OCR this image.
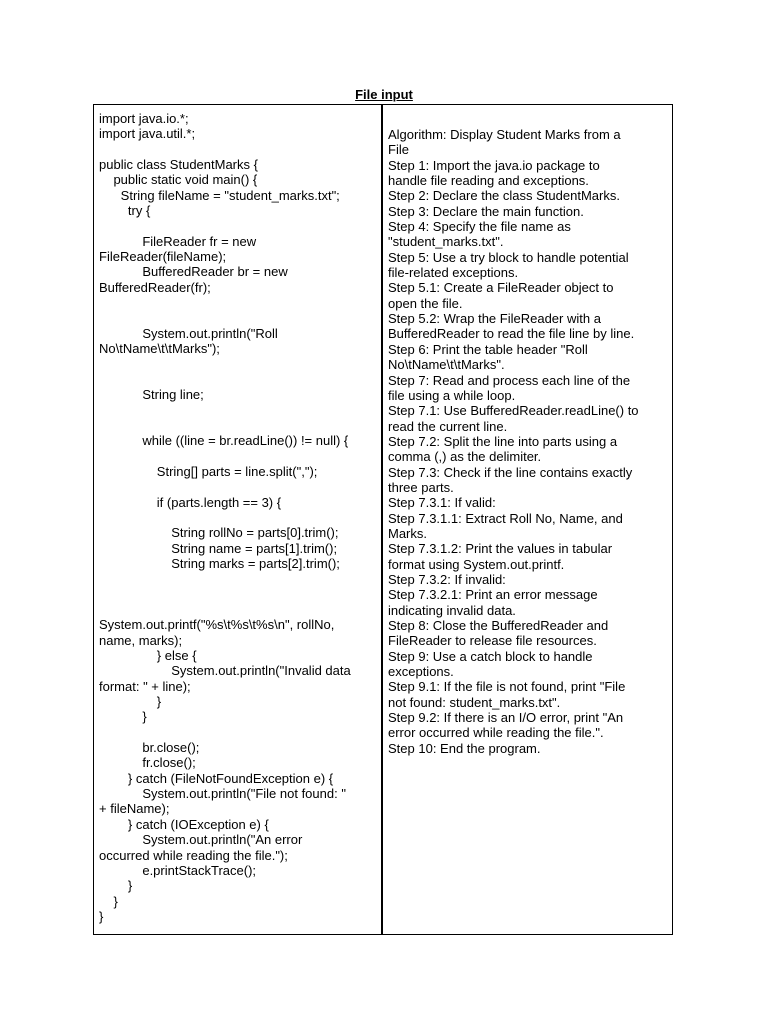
File input
import java.io.*;
import java.util.*;

public class StudentMarks {
public static void main() {
String fileName = "student_marks.txt";
try {

FileReader fr = new
FileReader(fileName);
BufferedReader br = new
BufferedReader(fr);

System.out.println("Roll
No\tName\t\tMarks");

String line;

while ((line = br.readLine()) != null) {

String[] parts = line.split(",");

if (parts.length == 3) {

String rollNo = parts[0].trim();
String name = parts[1].trim();
String marks = parts[2].trim();

System.out.printf("%s\t%s\t%s\n", rollNo,
name, marks);
} else {
System.out.println("Invalid data
format: " + line);
}
}

br.close();
fr.close();
} catch (FileNotFoundException e) {
System.out.println("File not found: "
+ fileName);
} catch (IOException e) {
System.out.println("An error
occurred while reading the file.");
e.printStackTrace();
}
}
}
Algorithm: Display Student Marks from a
File
Step 1: Import the java.io package to
handle file reading and exceptions.
Step 2: Declare the class StudentMarks.
Step 3: Declare the main function.
Step 4: Specify the file name as
"student_marks.txt".
Step 5: Use a try block to handle potential
file-related exceptions.
Step 5.1: Create a FileReader object to
open the file.
Step 5.2: Wrap the FileReader with a
BufferedReader to read the file line by line.
Step 6: Print the table header "Roll
No\tName\t\tMarks".
Step 7: Read and process each line of the
file using a while loop.
Step 7.1: Use BufferedReader.readLine() to
read the current line.
Step 7.2: Split the line into parts using a
comma (,) as the delimiter.
Step 7.3: Check if the line contains exactly
three parts.
Step 7.3.1: If valid:
Step 7.3.1.1: Extract Roll No, Name, and
Marks.
Step 7.3.1.2: Print the values in tabular
format using System.out.printf.
Step 7.3.2: If invalid:
Step 7.3.2.1: Print an error message
indicating invalid data.
Step 8: Close the BufferedReader and
FileReader to release file resources.
Step 9: Use a catch block to handle
exceptions.
Step 9.1: If the file is not found, print "File
not found: student_marks.txt".
Step 9.2: If there is an I/O error, print "An
error occurred while reading the file.".
Step 10: End the program.
